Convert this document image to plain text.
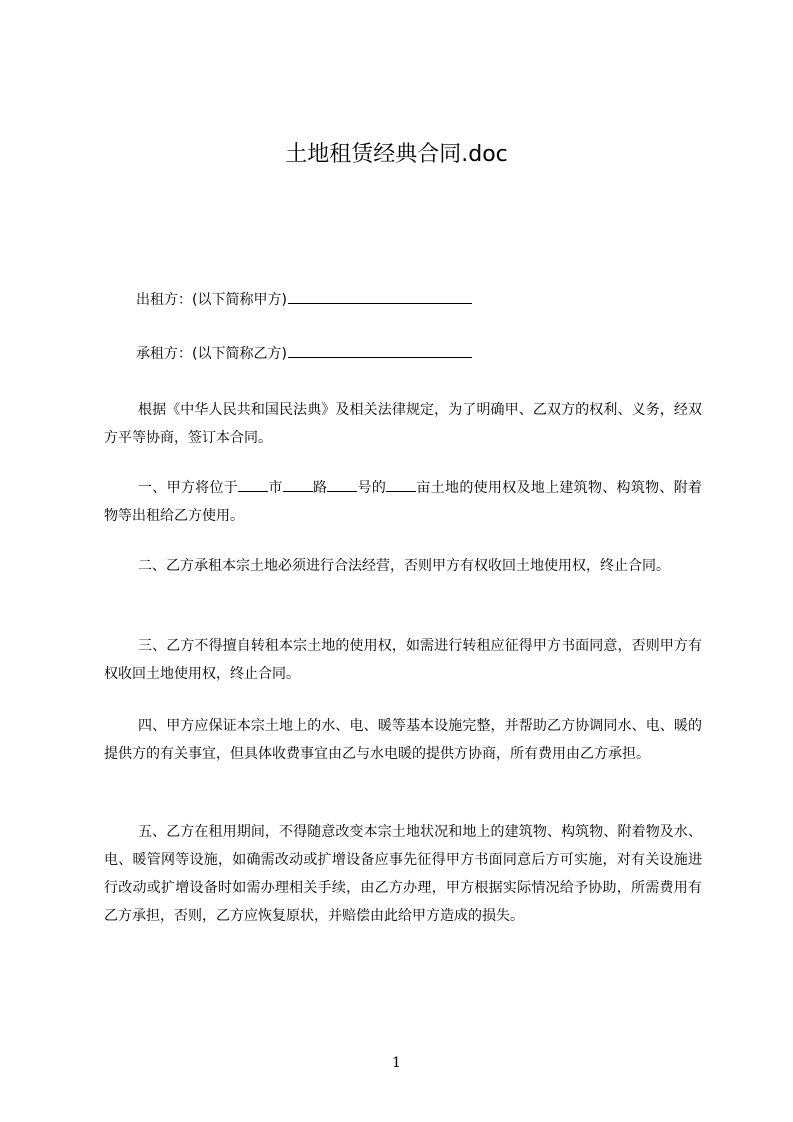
土地租赁经典合同.doc
出租方：(以下简称甲方)
承租方：(以下简称乙方)
根据《中华人民共和国民法典》及相关法律规定，为了明确甲、乙双方的权利、义务，经双方平等协商，签订本合同。
一、甲方将位于 市 路 号的 亩土地的使用权及地上建筑物、构筑物、附着物等出租给乙方使用。
二、乙方承租本宗土地必须进行合法经营，否则甲方有权收回土地使用权，终止合同。
三、乙方不得擅自转租本宗土地的使用权，如需进行转租应征得甲方书面同意，否则甲方有权收回土地使用权，终止合同。
四、甲方应保证本宗土地上的水、电、暖等基本设施完整，并帮助乙方协调同水、电、暖的提供方的有关事宜，但具体收费事宜由乙与水电暖的提供方协商，所有费用由乙方承担。
五、乙方在租用期间，不得随意改变本宗土地状况和地上的建筑物、构筑物、附着物及水、电、暖管网等设施，如确需改动或扩增设备应事先征得甲方书面同意后方可实施，对有关设施进行改动或扩增设备时如需办理相关手续，由乙方办理，甲方根据实际情况给予协助，所需费用有乙方承担，否则，乙方应恢复原状，并赔偿由此给甲方造成的损失。
1
